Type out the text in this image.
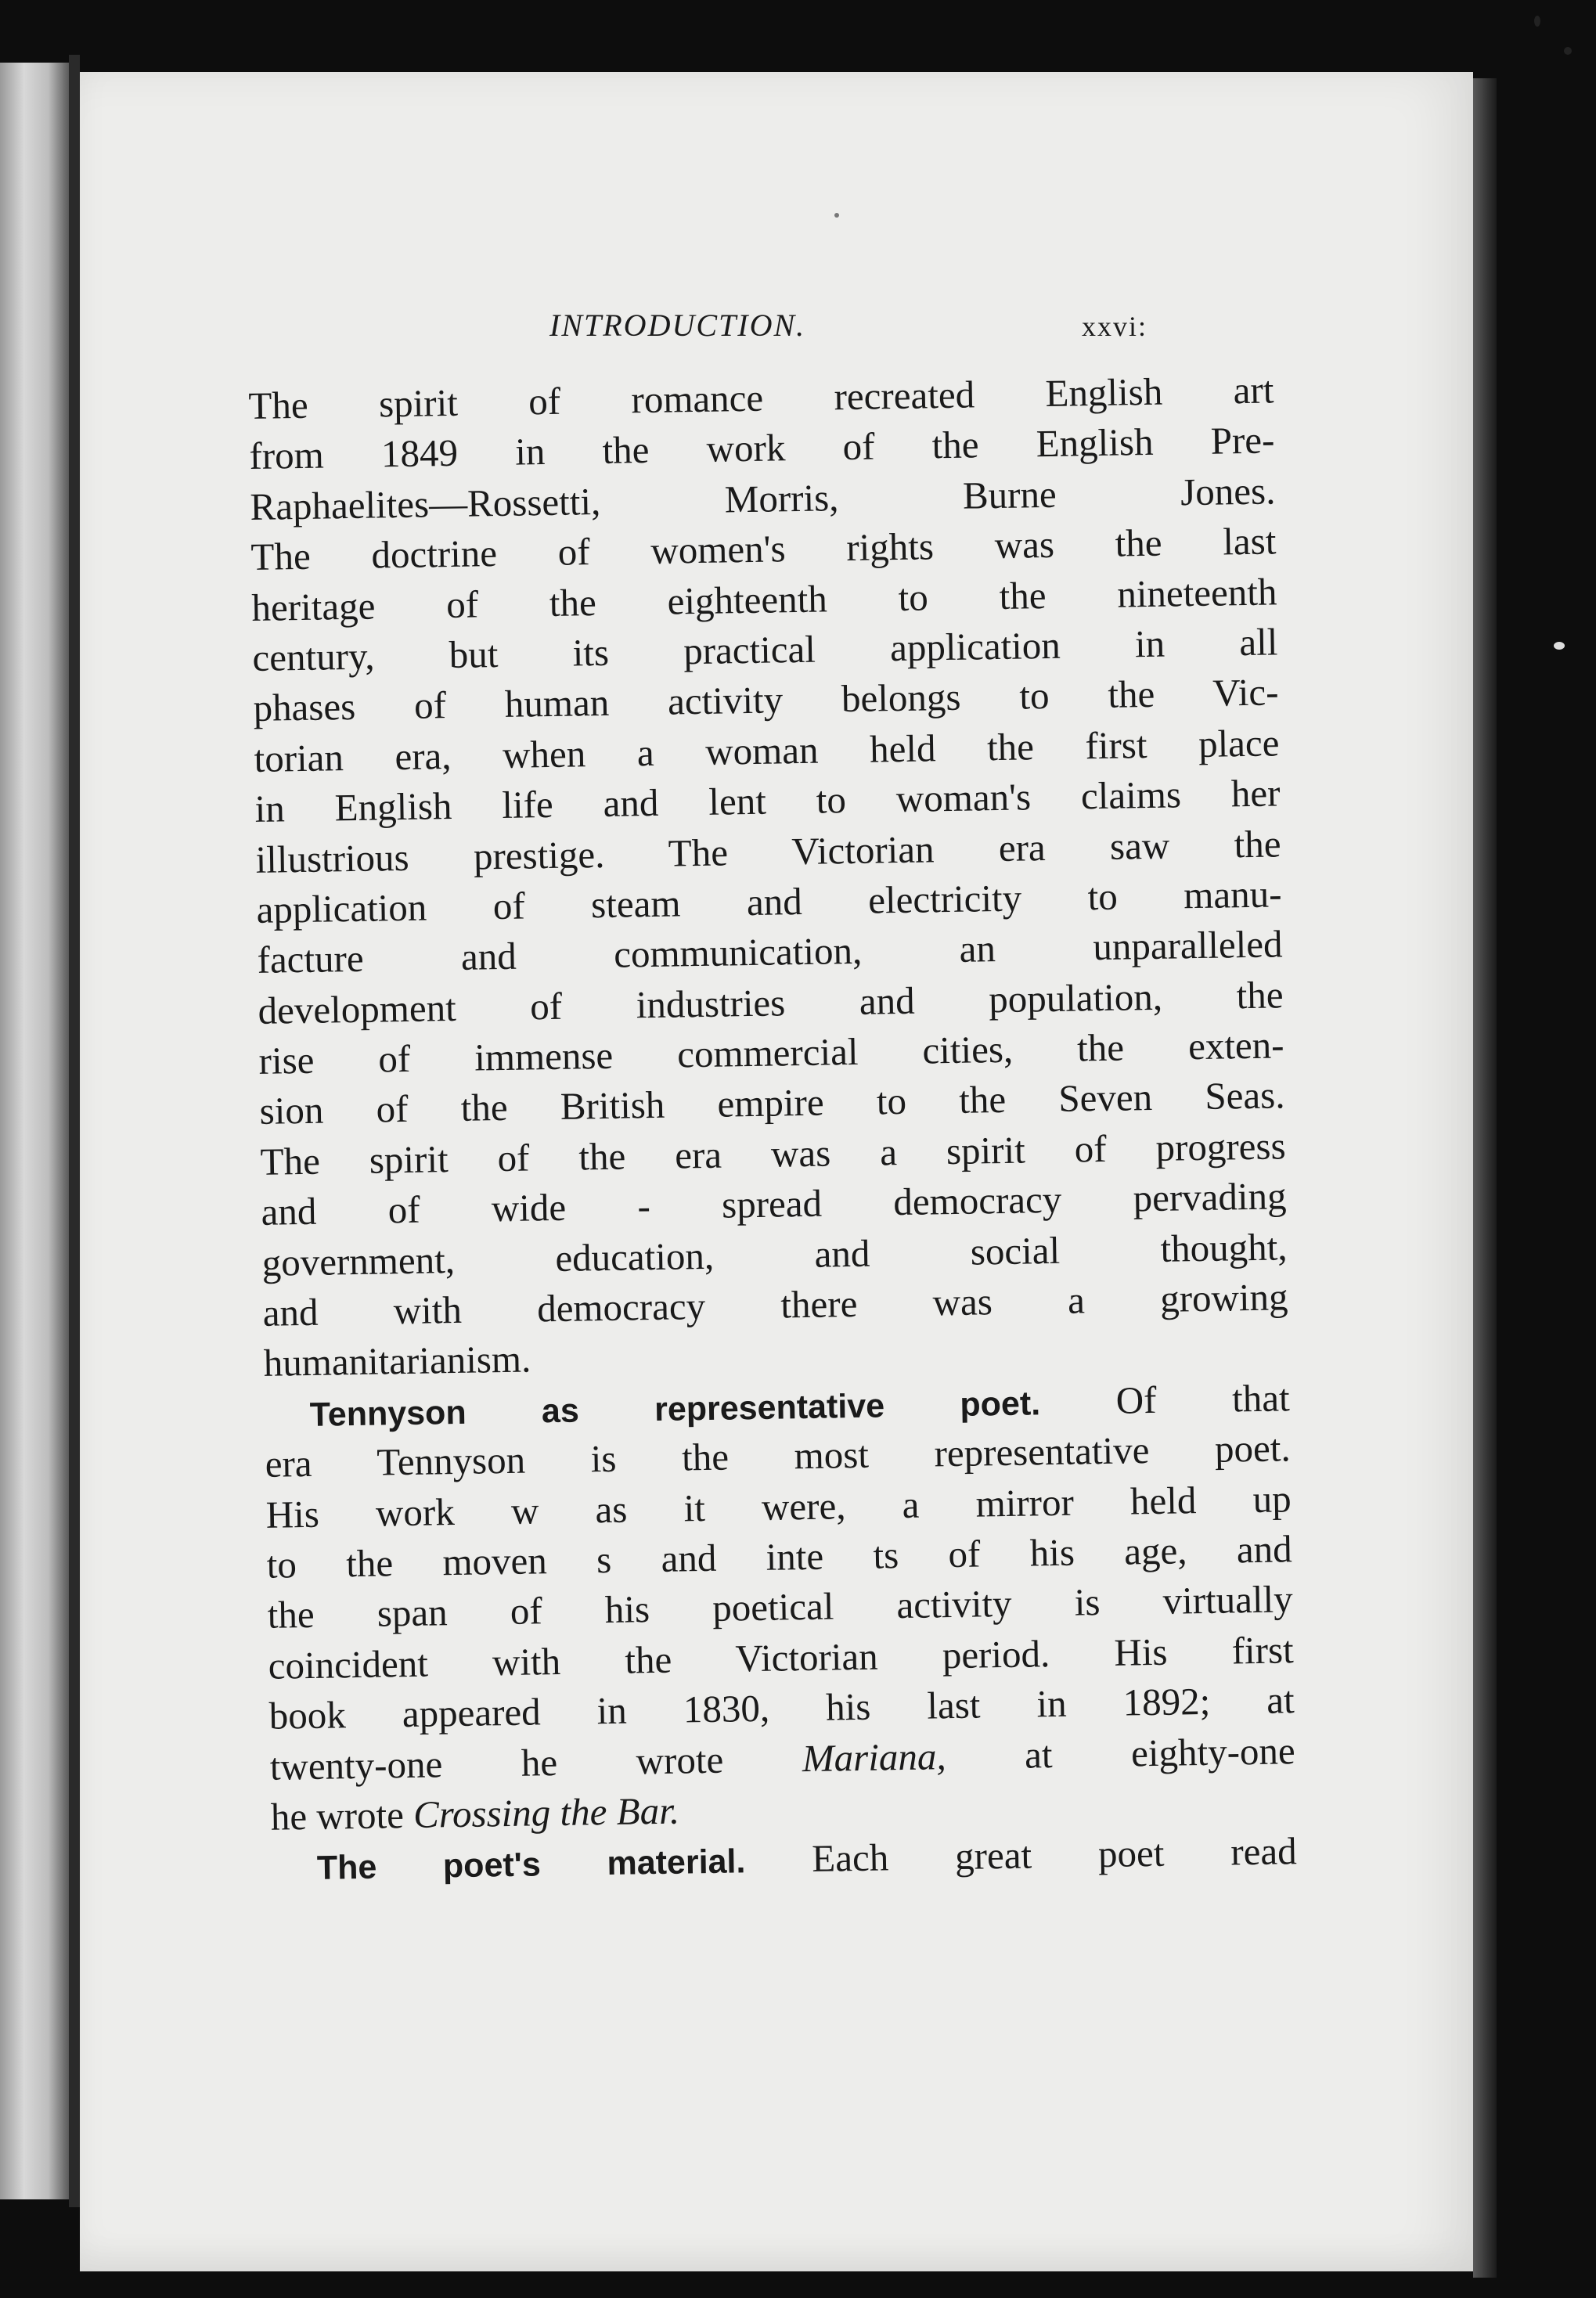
INTRODUCTION.	xxvi:
The spirit of romance recreated English art
from 1849 in the work of the English Pre-
Raphaelites—Rossetti, Morris, Burne Jones.
The doctrine of women's rights was the last
heritage of the eighteenth to the nineteenth
century, but its practical application in all
phases of human activity belongs to the Vic-
torian era, when a woman held the first place
in English life and lent to woman's claims her
illustrious prestige. The Victorian era saw the
application of steam and electricity to manu-
facture and communication, an unparalleled
development of industries and population, the
rise of immense commercial cities, the exten-
sion of the British empire to the Seven Seas.
The spirit of the era was a spirit of progress
and of wide - spread democracy pervading
government, education, and social thought,
and with democracy there was a growing
humanitarianism.
Tennyson as representative poet. Of that
era Tennyson is the most representative poet.
His work w as it were, a mirror held up
to the moven s and inte ts of his age, and
the span of his poetical activity is virtually
coincident with the Victorian period. His first
book appeared in 1830, his last in 1892; at
twenty-one he wrote Mariana, at eighty-one
he wrote Crossing the Bar.
The poet's material. Each great poet read
